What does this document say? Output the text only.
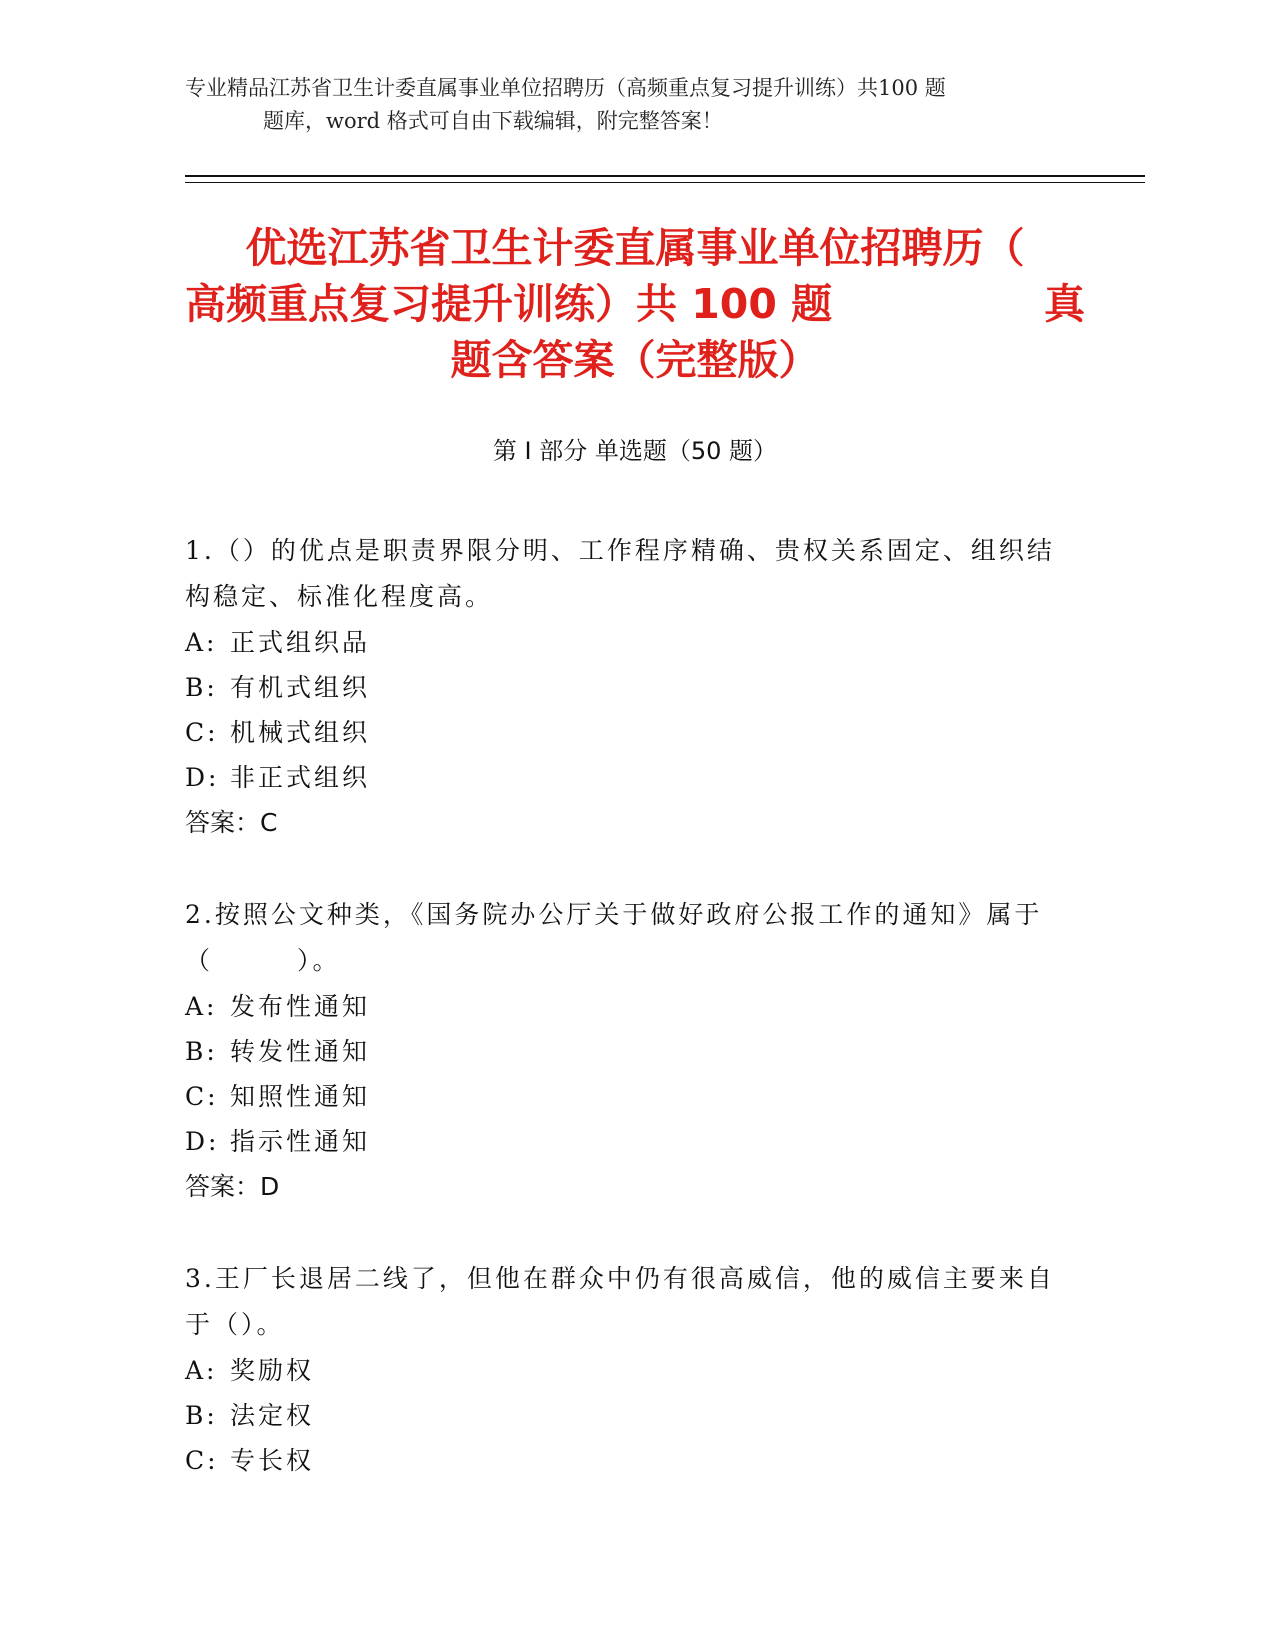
专业精品江苏省卫生计委直属事业单位招聘历（高频重点复习提升训练）共100 题
题库，word 格式可自由下载编辑，附完整答案！
优选江苏省卫生计委直属事业单位招聘历（
高频重点复习提升训练）共 100 题	真
题含答案（完整版）
第 I 部分 单选题（50 题）

1.（）的优点是职责界限分明、工作程序精确、贵权关系固定、组织结构稳定、标准化程度高。

A: 正式组织品

B: 有机式组织

C: 机械式组织

D: 非正式组织

答案：C

2.按照公文种类，《国务院办公厅关于做好政府公报工作的通知》属于（　　　）。

A: 发布性通知

B: 转发性通知

C: 知照性通知

D: 指示性通知

答案：D

3.王厂长退居二线了，但他在群众中仍有很高威信，他的威信主要来自于（）。

A: 奖励权

B: 法定权

C: 专长权
